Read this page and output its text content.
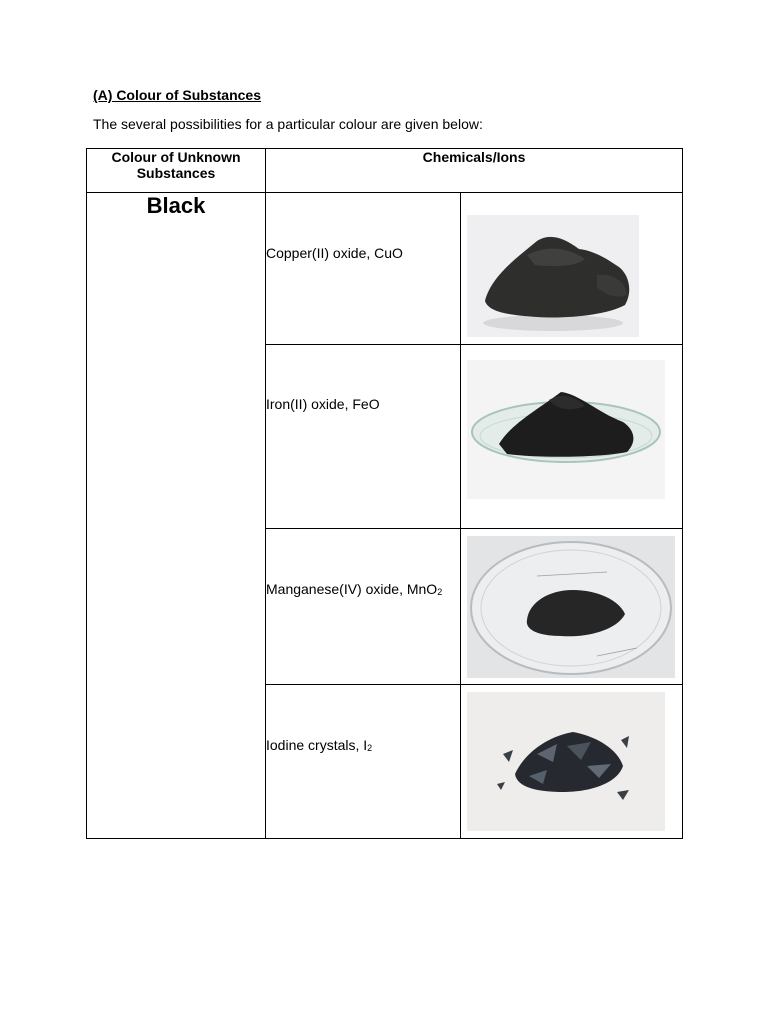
(A) Colour of Substances

The several possibilities for a particular colour are given below:

Colour of Unknown Substances	Chemicals/Ions	
Black	Copper(II) oxide, CuO

	Iron(II) oxide, FeO

	Manganese(IV) oxide, MnO$_2$

	Iodine crystals, $I_2$
